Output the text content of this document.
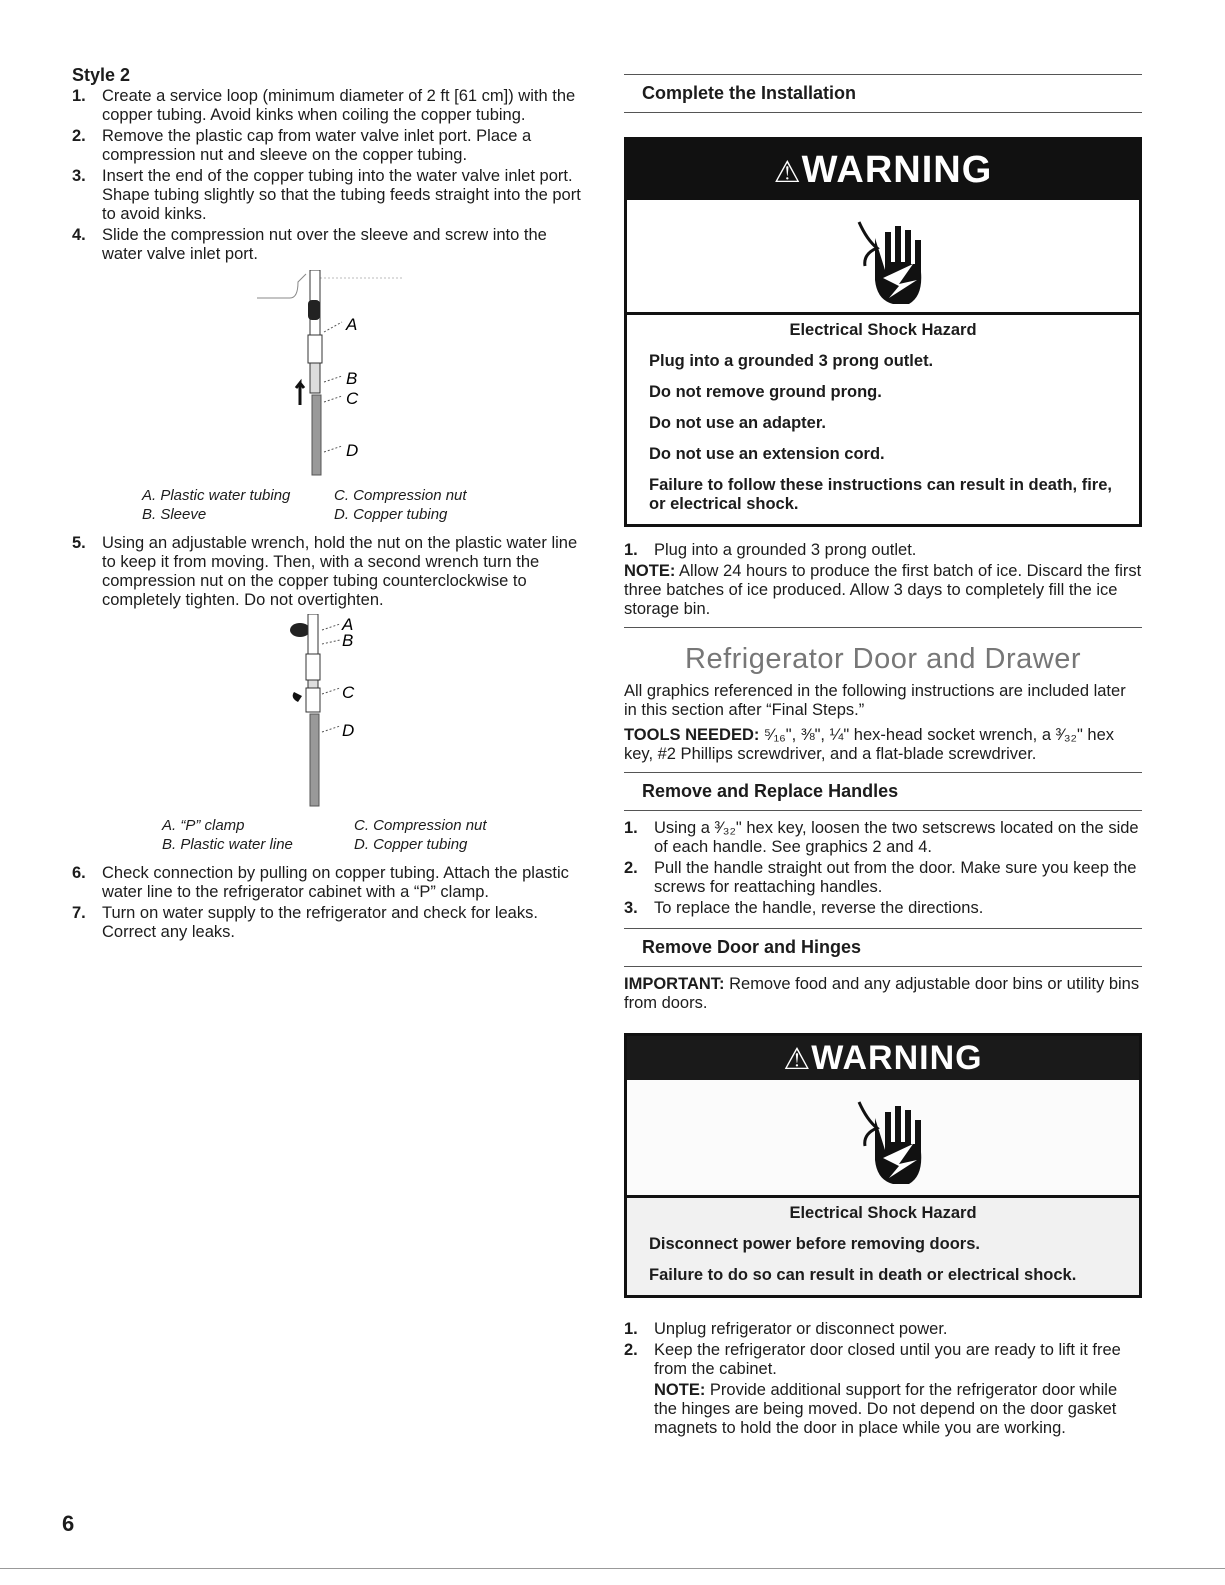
Style 2
1. Create a service loop (minimum diameter of 2 ft [61 cm]) with the copper tubing. Avoid kinks when coiling the copper tubing.
2. Remove the plastic cap from water valve inlet port. Place a compression nut and sleeve on the copper tubing.
3. Insert the end of the copper tubing into the water valve inlet port. Shape tubing slightly so that the tubing feeds straight into the port to avoid kinks.
4. Slide the compression nut over the sleeve and screw into the water valve inlet port.
A
B
C
D
A. Plastic water tubing	C. Compression nut
B. Sleeve	D. Copper tubing
5. Using an adjustable wrench, hold the nut on the plastic water line to keep it from moving. Then, with a second wrench turn the compression nut on the copper tubing counterclockwise to completely tighten. Do not overtighten.
A
B
C
D
A. “P” clamp	C. Compression nut
B. Plastic water line	D. Copper tubing
6. Check connection by pulling on copper tubing. Attach the plastic water line to the refrigerator cabinet with a “P” clamp.
7. Turn on water supply to the refrigerator and check for leaks. Correct any leaks.
Complete the Installation
⚠WARNING
Electrical Shock Hazard
Plug into a grounded 3 prong outlet.
Do not remove ground prong.
Do not use an adapter.
Do not use an extension cord.
Failure to follow these instructions can result in death, fire, or electrical shock.
1. Plug into a grounded 3 prong outlet.

NOTE: Allow 24 hours to produce the first batch of ice. Discard the first three batches of ice produced. Allow 3 days to completely fill the ice storage bin.

Refrigerator Door and Drawer

All graphics referenced in the following instructions are included later in this section after “Final Steps.”

TOOLS NEEDED: ⁵⁄₁₆", ⅜", ¼" hex-head socket wrench, a ³⁄₃₂" hex key, #2 Phillips screwdriver, and a flat-blade screwdriver.

Remove and Replace Handles
1. Using a ³⁄₃₂" hex key, loosen the two setscrews located on the side of each handle. See graphics 2 and 4.
2. Pull the handle straight out from the door. Make sure you keep the screws for reattaching handles.
3. To replace the handle, reverse the directions.
Remove Door and Hinges

IMPORTANT: Remove food and any adjustable door bins or utility bins from doors.

⚠WARNING
Electrical Shock Hazard
Disconnect power before removing doors.
Failure to do so can result in death or electrical shock.
1. Unplug refrigerator or disconnect power.
2. Keep the refrigerator door closed until you are ready to lift it free from the cabinet.

NOTE: Provide additional support for the refrigerator door while the hinges are being moved. Do not depend on the door gasket magnets to hold the door in place while you are working.

6
